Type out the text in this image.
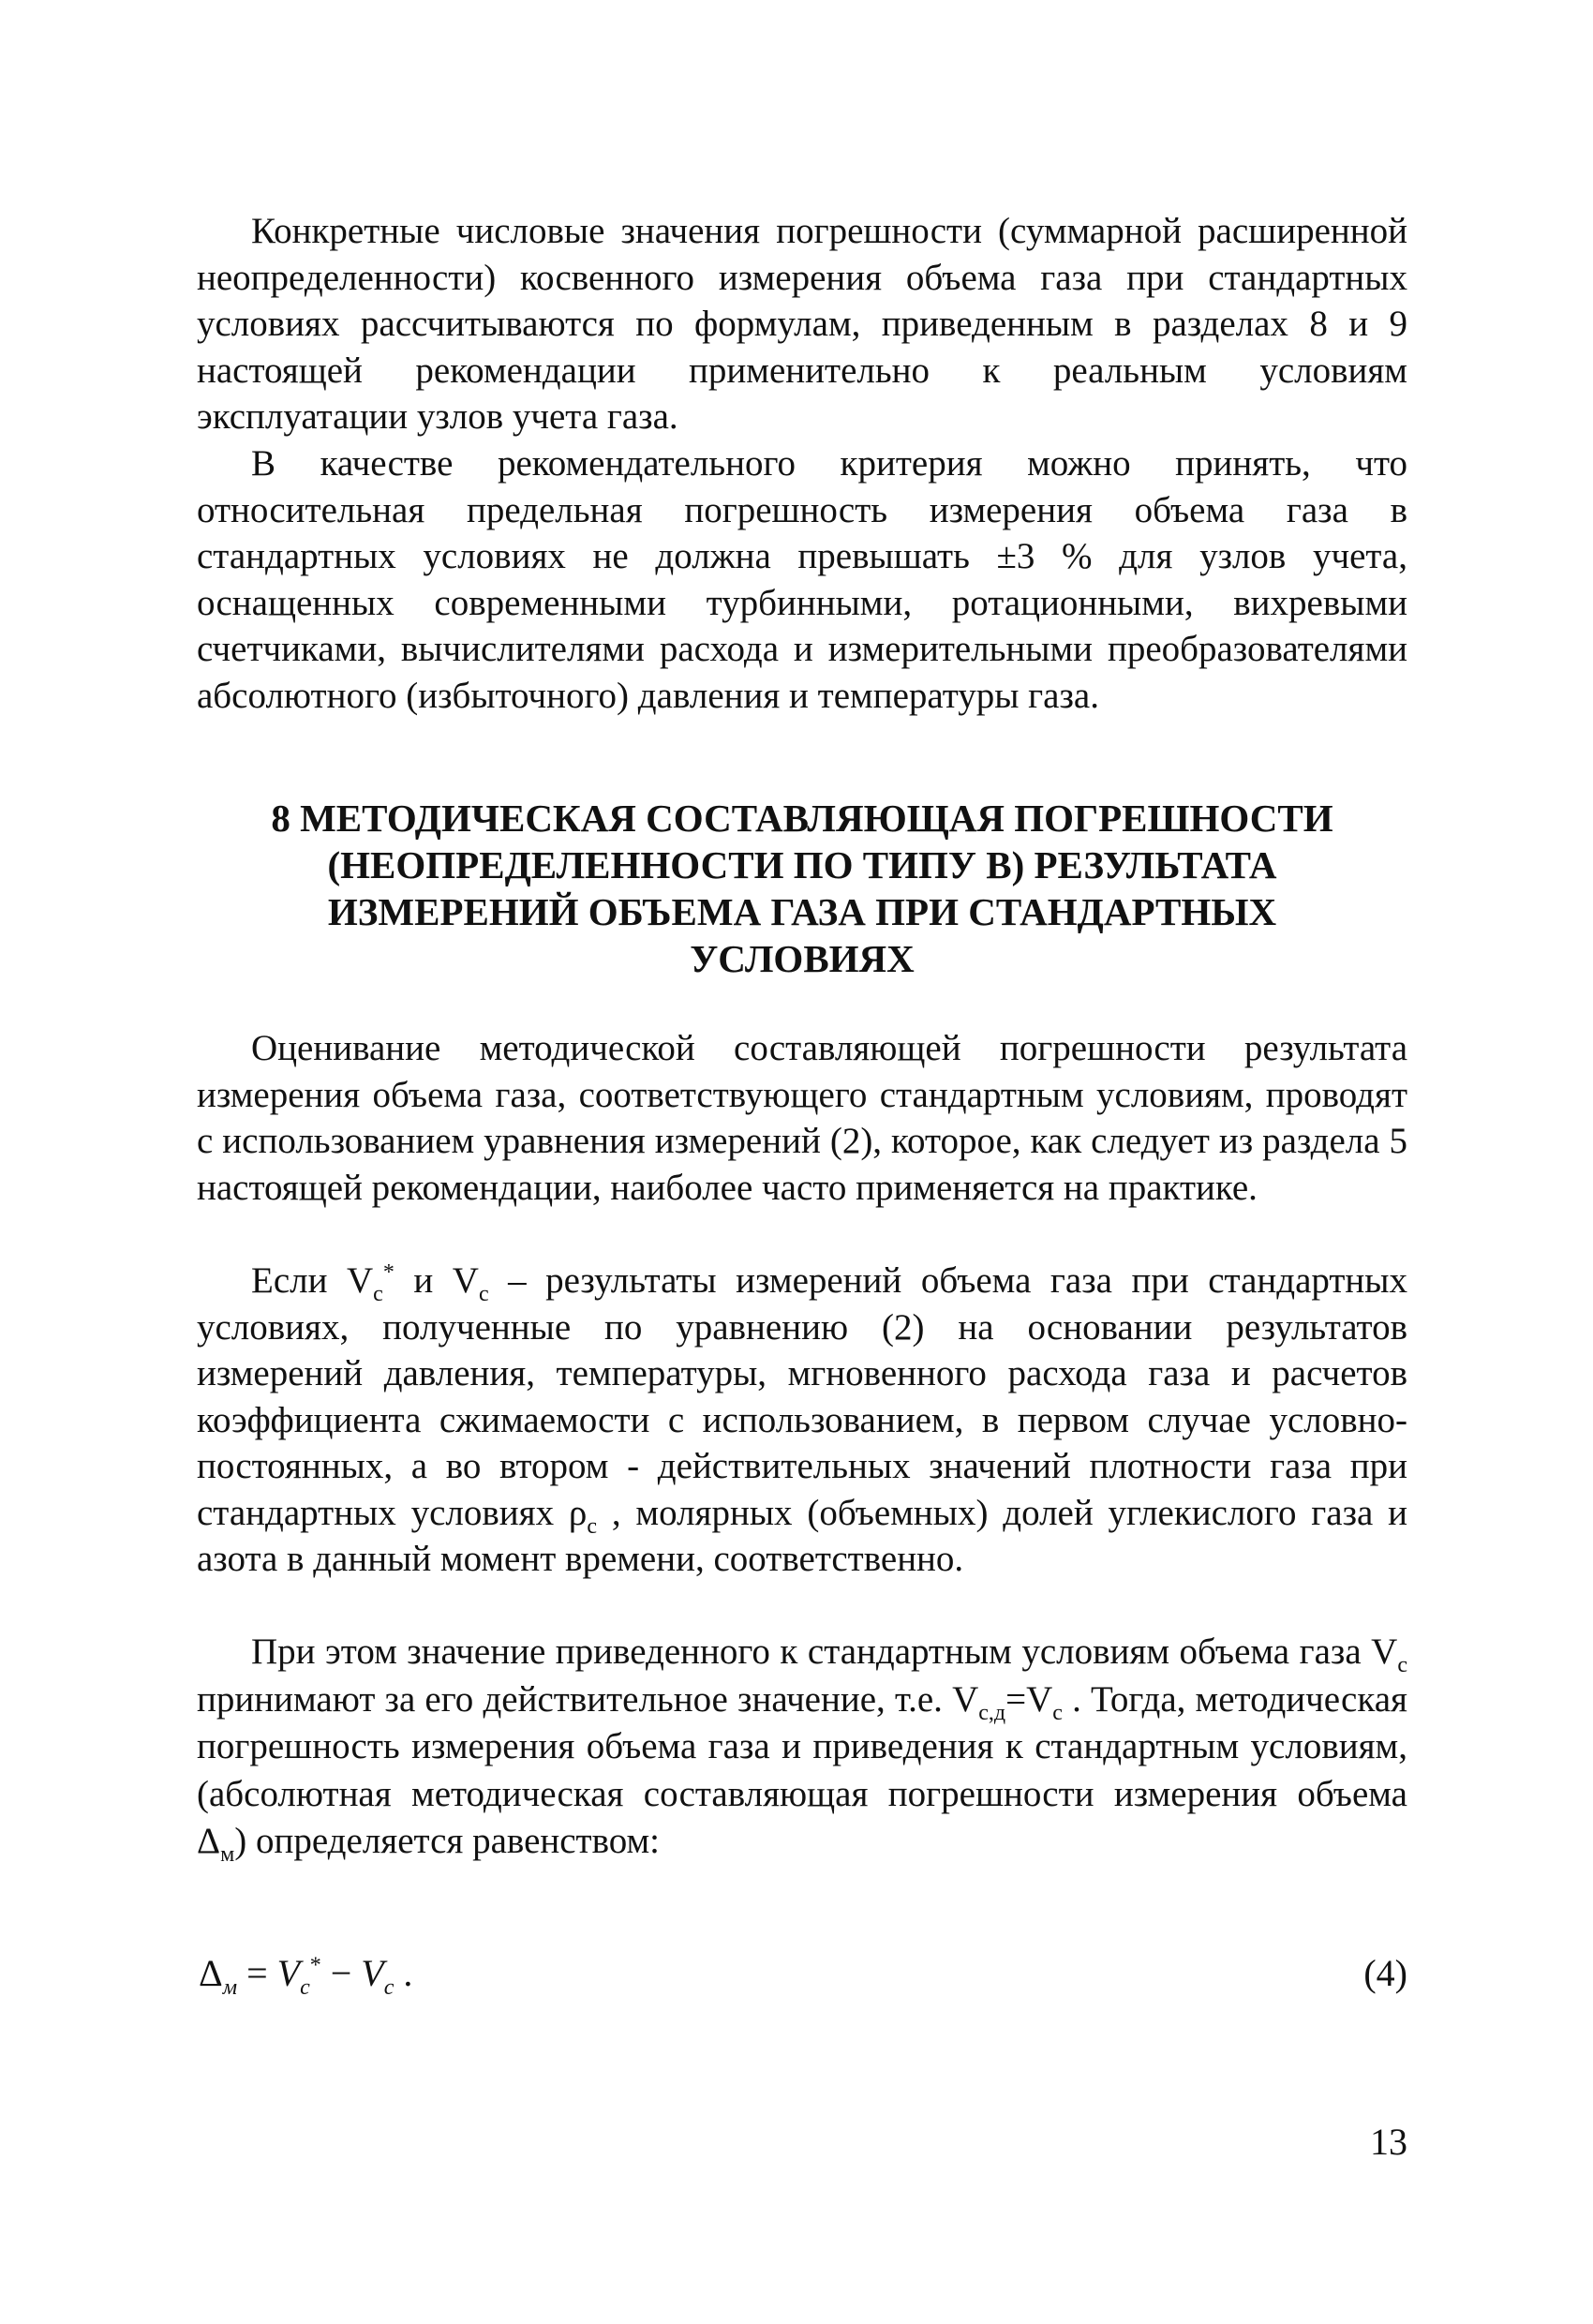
Конкретные числовые значения погрешности (суммарной расширенной неопределенности) косвенного измерения объема газа при стандартных условиях рассчитываются по формулам, приведенным в разделах 8 и 9 настоящей рекомендации применительно к реальным условиям эксплуатации узлов учета газа.

В качестве рекомендательного критерия можно принять, что относительная предельная погрешность измерения объема газа в стандартных условиях не должна превышать ±3 % для узлов учета, оснащенных современными турбинными, ротационными, вихревыми счетчиками, вычислителями расхода и измерительными преобразователями абсолютного (избыточного) давления и температуры газа.

8 МЕТОДИЧЕСКАЯ СОСТАВЛЯЮЩАЯ ПОГРЕШНОСТИ
(НЕОПРЕДЕЛЕННОСТИ ПО ТИПУ В) РЕЗУЛЬТАТА
ИЗМЕРЕНИЙ ОБЪЕМА ГАЗА ПРИ СТАНДАРТНЫХ
УСЛОВИЯХ

Оценивание методической составляющей погрешности результата измерения объема газа, соответствующего стандартным условиям, проводят с использованием уравнения измерений (2), которое, как следует из раздела 5 настоящей рекомендации, наиболее часто применяется на практике.

Если $V_с^*$ и $V_с$ – результаты измерений объема газа при стандартных условиях, полученные по уравнению (2) на основании результатов измерений давления, температуры, мгновенного расхода газа и расчетов коэффициента сжимаемости с использованием, в первом случае условно-постоянных, а во втором - действительных значений плотности газа при стандартных условиях $\rho_с$ , молярных (объемных) долей углекислого газа и азота в данный момент времени, соответственно.

При этом значение приведенного к стандартным условиям объема газа $V_с$ принимают за его действительное значение, т.е. $V_{с,д}=V_с$ . Тогда, методическая погрешность измерения объема газа и приведения к стандартным условиям, (абсолютная методическая составляющая погрешности измерения объема $\Delta_м$) определяется равенством:

$\Delta_м = V_с^* - V_с$ .	(4)
13
